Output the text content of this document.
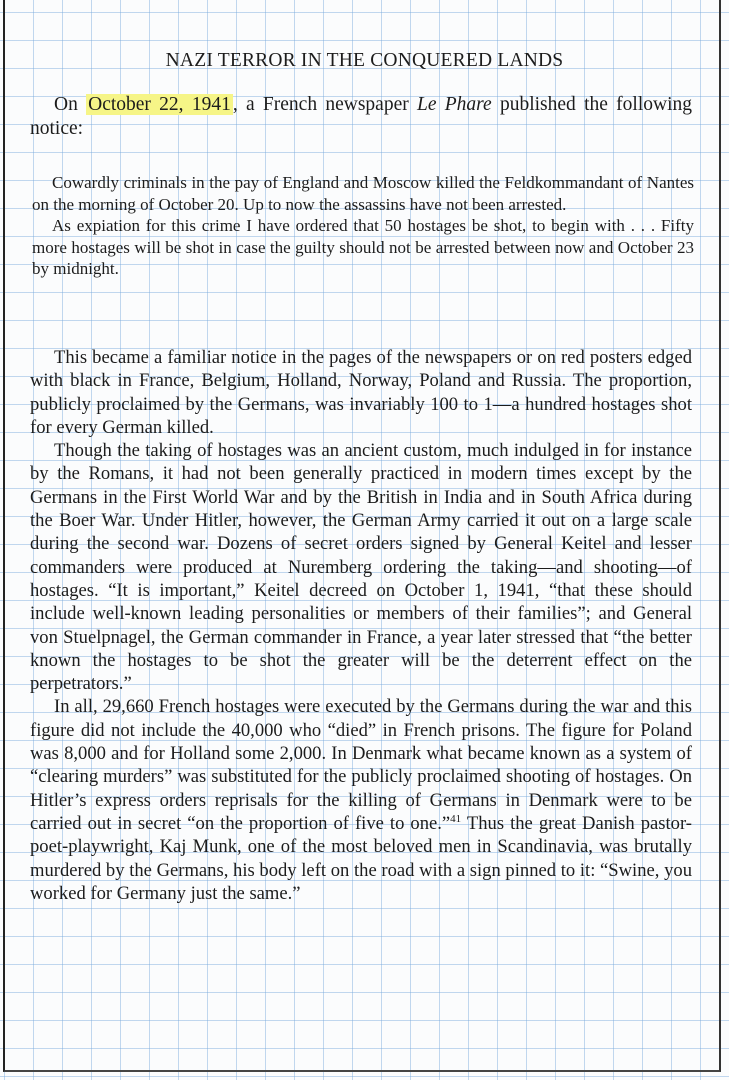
NAZI TERROR IN THE CONQUERED LANDS
On October 22, 1941 , a French newspaper Le Phare published the following notice:

Cowardly criminals in the pay of England and Moscow killed the Feldkommandant of Nantes on the morning of October 20. Up to now the assassins have not been arrested.

As expiation for this crime I have ordered that 50 hostages be shot, to begin with . . . Fifty more hostages will be shot in case the guilty should not be arrested between now and October 23 by midnight.

This became a familiar notice in the pages of the newspapers or on red posters edged with black in France, Belgium, Holland, Norway, Poland and Russia. The proportion, publicly proclaimed by the Germans, was invariably 100 to 1—a hundred hostages shot for every German killed.

Though the taking of hostages was an ancient custom, much indulged in for instance by the Romans, it had not been generally practiced in modern times except by the Germans in the First World War and by the British in India and in South Africa during the Boer War. Under Hitler, however, the German Army carried it out on a large scale during the second war. Dozens of secret orders signed by General Keitel and lesser commanders were produced at Nuremberg ordering the taking—and shooting—of hostages. “It is important,” Keitel decreed on October 1, 1941, “that these should include well-known leading personalities or members of their families”; and General von Stuelpnagel, the German commander in France, a year later stressed that “the better known the hostages to be shot the greater will be the deterrent effect on the perpetrators.”

In all, 29,660 French hostages were executed by the Germans during the war and this figure did not include the 40,000 who “died” in French prisons. The figure for Poland was 8,000 and for Holland some 2,000. In Denmark what became known as a system of “clearing murders” was substituted for the publicly proclaimed shooting of hostages. On Hitler’s express orders reprisals for the killing of Germans in Denmark were to be carried out in secret “on the proportion of five to one.”$^{41}$ Thus the great Danish pastor-poet-playwright, Kaj Munk, one of the most beloved men in Scandinavia, was brutally murdered by the Germans, his body left on the road with a sign pinned to it: “Swine, you worked for Germany just the same.”
